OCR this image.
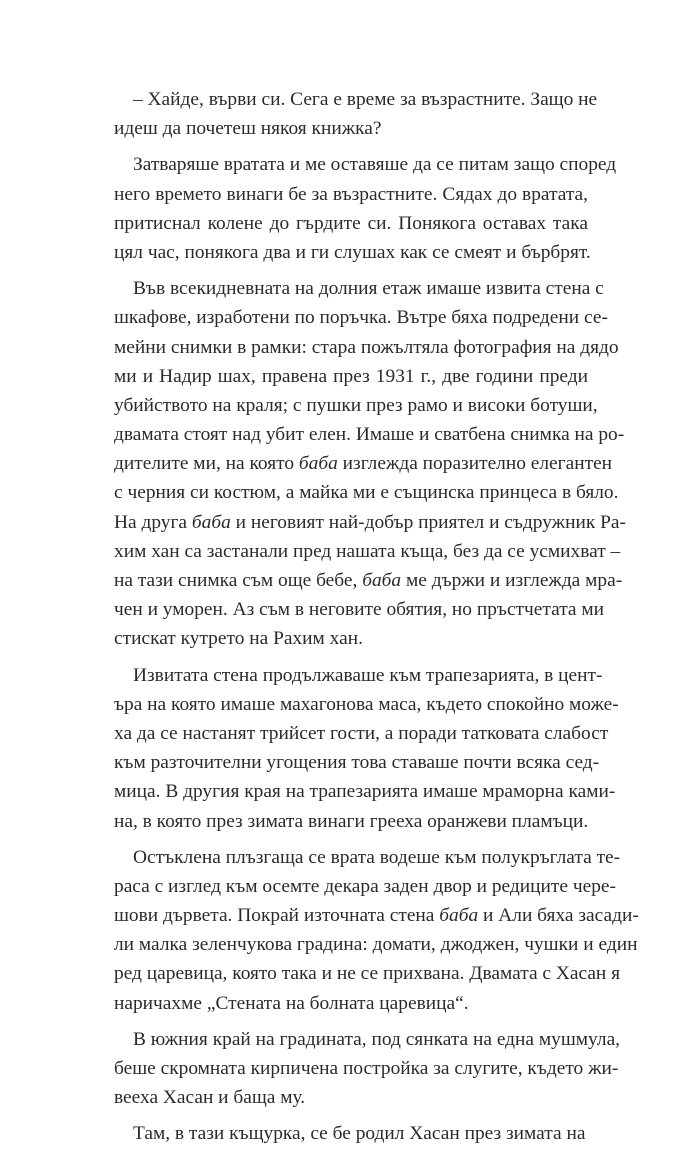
– Хайде, върви си. Сега е време за възрастните. Защо не
идеш да почетеш някоя книжка?
Затваряше вратата и ме оставяше да се питам защо според
него времето винаги бе за възрастните. Сядах до вратата,
притиснал колене до гърдите си. Понякога оставах така
цял час, понякога два и ги слушах как се смеят и бърбрят.
Във всекидневната на долния етаж имаше извита стена с
шкафове, изработени по поръчка. Вътре бяха подредени се-
мейни снимки в рамки: стара пожълтяла фотография на дядо
ми и Надир шах, правена през 1931 г., две години преди
убийството на краля; с пушки през рамо и високи ботуши,
двамата стоят над убит елен. Имаше и сватбена снимка на ро-
дителите ми, на която баба изглежда поразително елегантен
с черния си костюм, а майка ми е същинска принцеса в бяло.
На друга баба и неговият най-добър приятел и съдружник Ра-
хим хан са застанали пред нашата къща, без да се усмихват –
на тази снимка съм още бебе, баба ме държи и изглежда мра-
чен и уморен. Аз съм в неговите обятия, но пръстчетата ми
стискат кутрето на Рахим хан.
Извитата стена продължаваше към трапезарията, в цент-
ъра на която имаше махагонова маса, където спокойно може-
ха да се настанят трийсет гости, а поради татковата слабост
към разточителни угощения това ставаше почти всяка сед-
мица. В другия края на трапезарията имаше мраморна ками-
на, в която през зимата винаги грееха оранжеви пламъци.
Остъклена плъзгаща се врата водеше към полукръглата те-
раса с изглед към осемте декара заден двор и редиците чере-
шови дървета. Покрай източната стена баба и Али бяха засади-
ли малка зеленчукова градина: домати, джоджен, чушки и един
ред царевица, която така и не се прихвана. Двамата с Хасан я
наричахме „Стената на болната царевица“.
В южния край на градината, под сянката на една мушмула,
беше скромната кирпичена постройка за слугите, където жи-
вееха Хасан и баща му.
Там, в тази къщурка, се бе родил Хасан през зимата на
